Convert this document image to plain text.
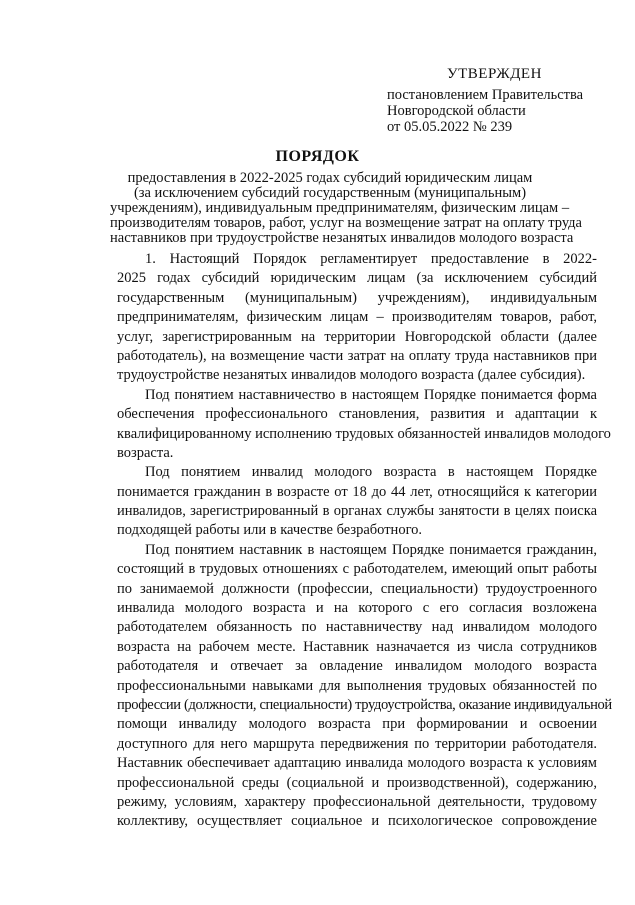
УТВЕРЖДЕН
постановлением Правительства
Новгородской области
от 05.05.2022 № 239
ПОРЯДОК
предоставления в 2022-2025 годах субсидий юридическим лицам
(за исключением субсидий государственным (муниципальным)
учреждениям), индивидуальным предпринимателям, физическим лицам –
производителям товаров, работ, услуг на возмещение затрат на оплату труда
наставников при трудоустройстве незанятых инвалидов молодого возраста
1. Настоящий Порядок регламентирует предоставление в 2022-
2025 годах субсидий юридическим лицам (за исключением субсидий
государственным (муниципальным) учреждениям), индивидуальным
предпринимателям, физическим лицам – производителям товаров, работ,
услуг, зарегистрированным на территории Новгородской области (далее
работодатель), на возмещение части затрат на оплату труда наставников при
трудоустройстве незанятых инвалидов молодого возраста (далее субсидия).
Под понятием наставничество в настоящем Порядке понимается форма
обеспечения профессионального становления, развития и адаптации к
квалифицированному исполнению трудовых обязанностей инвалидов молодого
возраста.
Под понятием инвалид молодого возраста в настоящем Порядке
понимается гражданин в возрасте от 18 до 44 лет, относящийся к категории
инвалидов, зарегистрированный в органах службы занятости в целях поиска
подходящей работы или в качестве безработного.
Под понятием наставник в настоящем Порядке понимается гражданин,
состоящий в трудовых отношениях с работодателем, имеющий опыт работы
по занимаемой должности (профессии, специальности) трудоустроенного
инвалида молодого возраста и на которого с его согласия возложена
работодателем обязанность по наставничеству над инвалидом молодого
возраста на рабочем месте. Наставник назначается из числа сотрудников
работодателя и отвечает за овладение инвалидом молодого возраста
профессиональными навыками для выполнения трудовых обязанностей по
профессии (должности, специальности) трудоустройства, оказание индивидуальной
помощи инвалиду молодого возраста при формировании и освоении
доступного для него маршрута передвижения по территории работодателя.
Наставник обеспечивает адаптацию инвалида молодого возраста к условиям
профессиональной среды (социальной и производственной), содержанию,
режиму, условиям, характеру профессиональной деятельности, трудовому
коллективу, осуществляет социальное и психологическое сопровождение
